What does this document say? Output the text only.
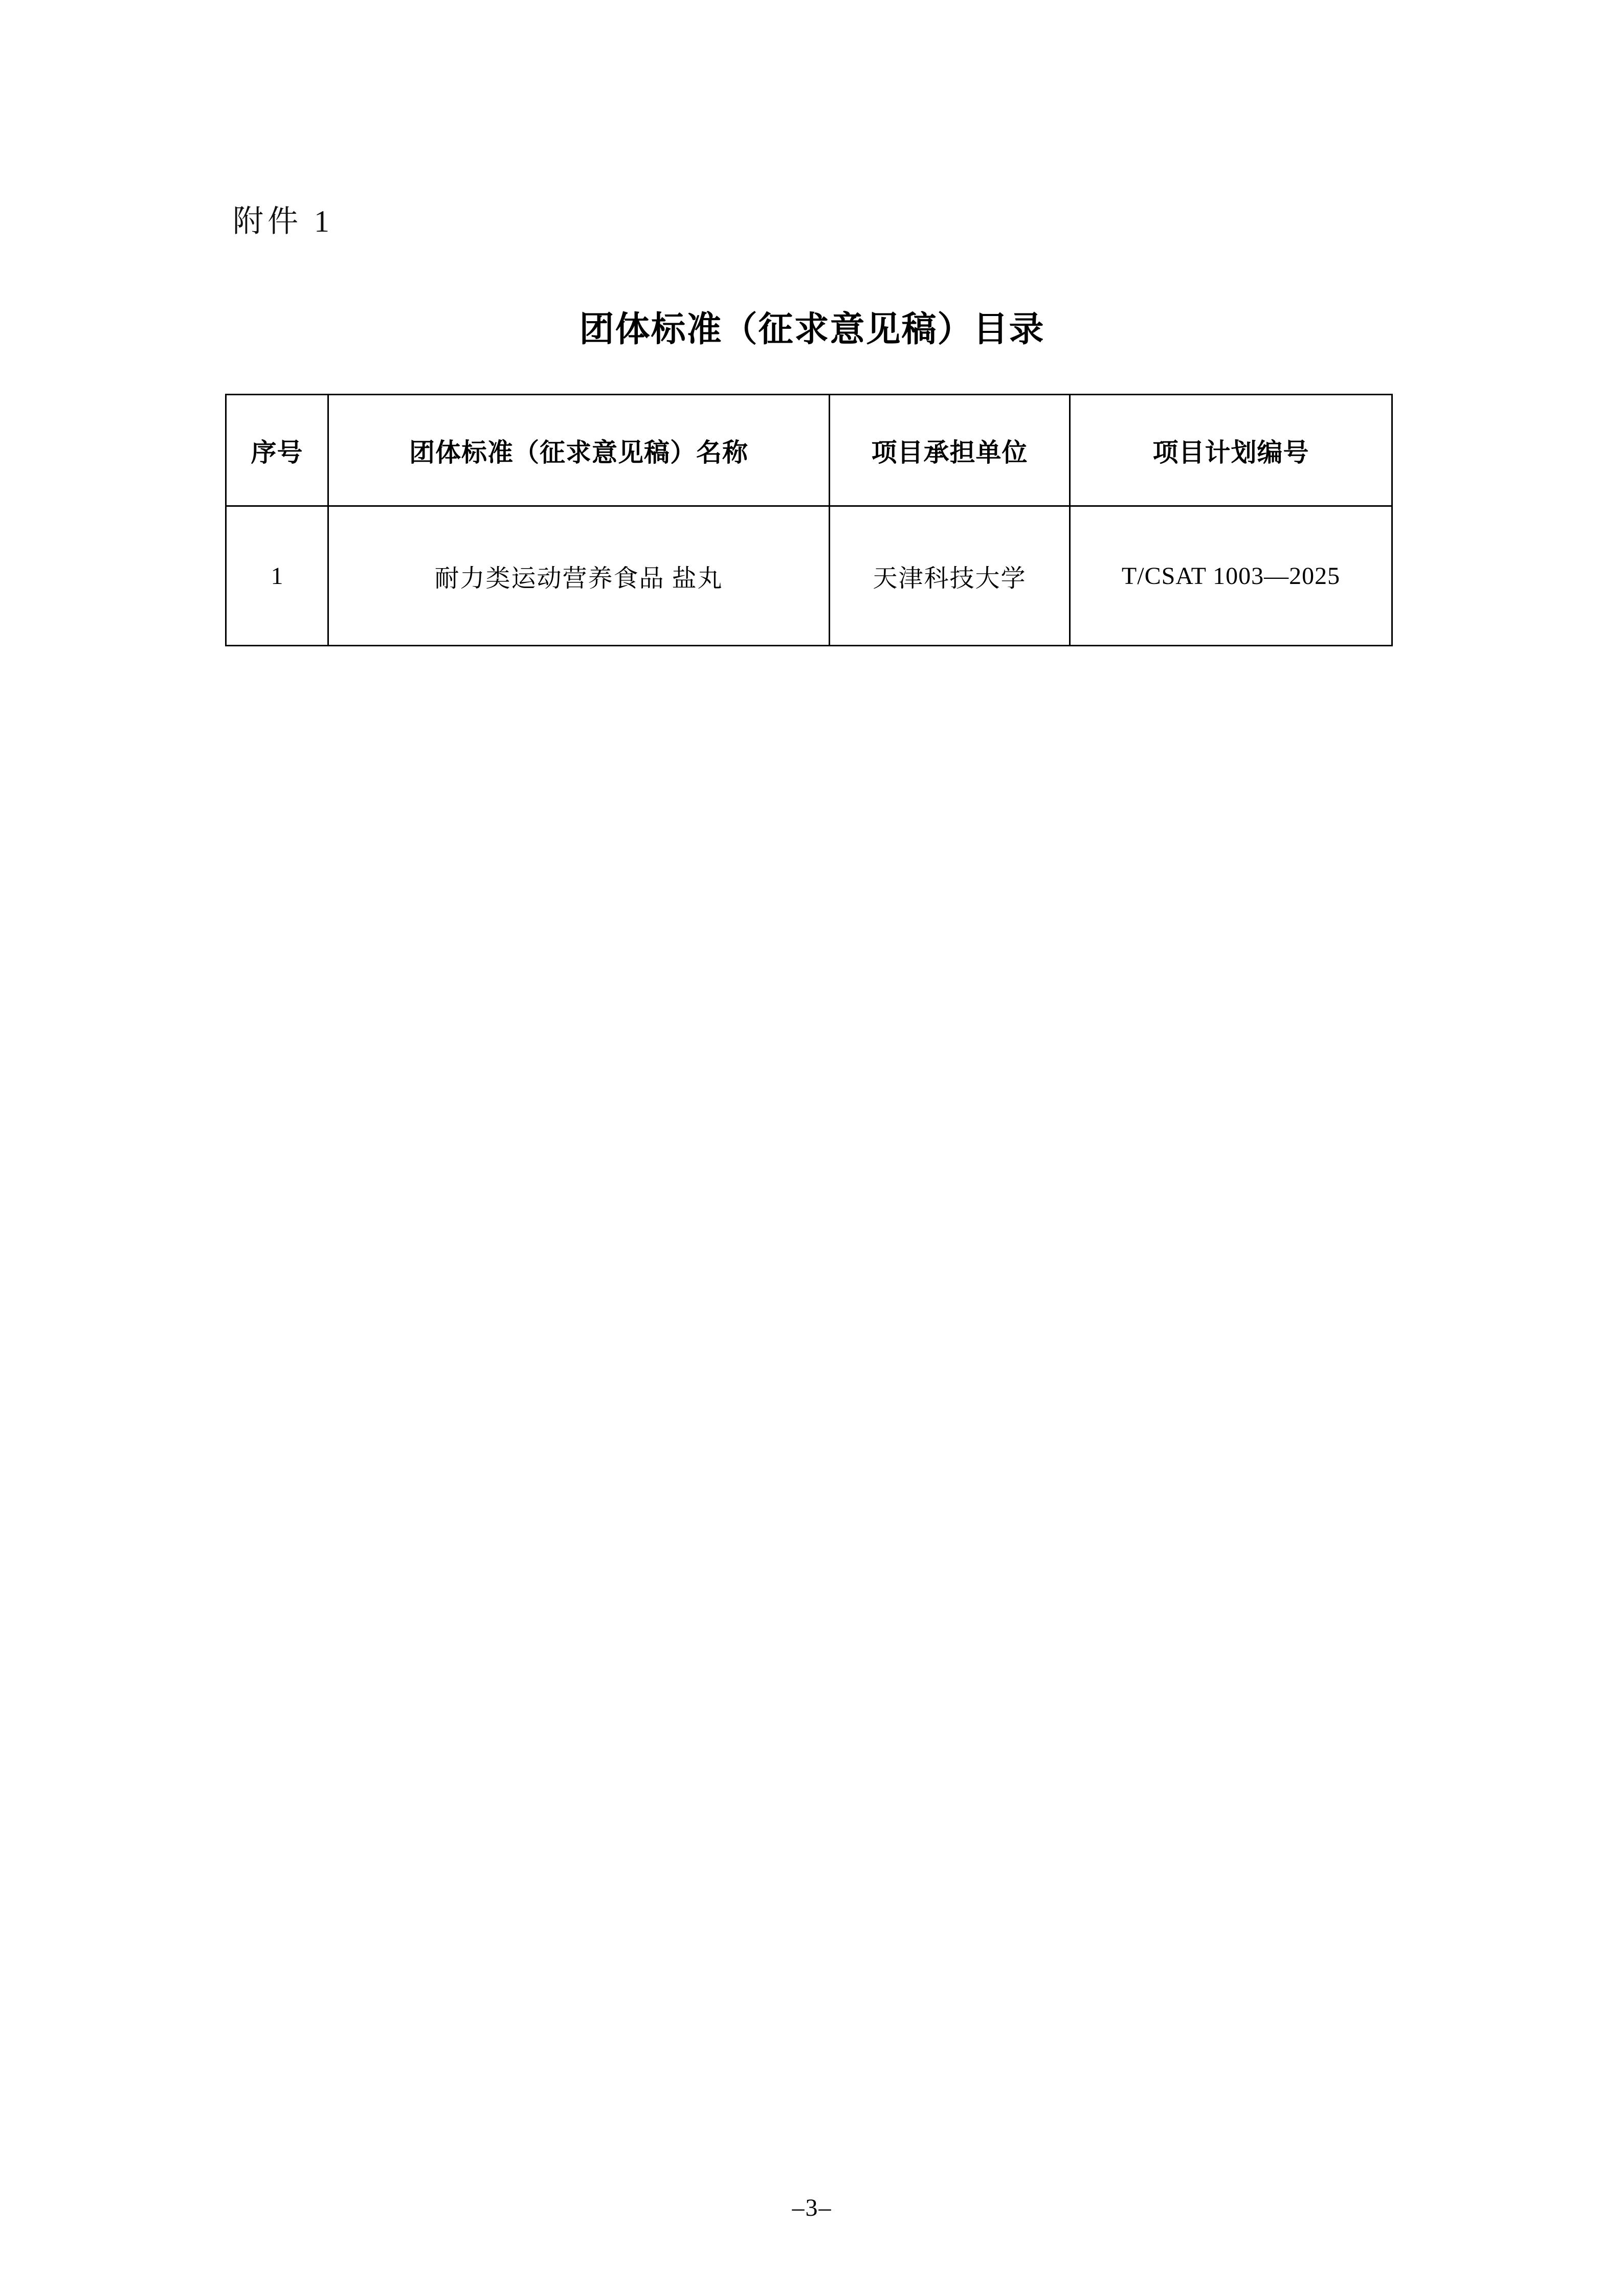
附件 1
团体标准（征求意见稿）目录
序号	团体标准（征求意见稿）名称	项目承担单位	项目计划编号
1	耐力类运动营养食品 盐丸	天津科技大学	T/CSAT 1003—2025
–3–
